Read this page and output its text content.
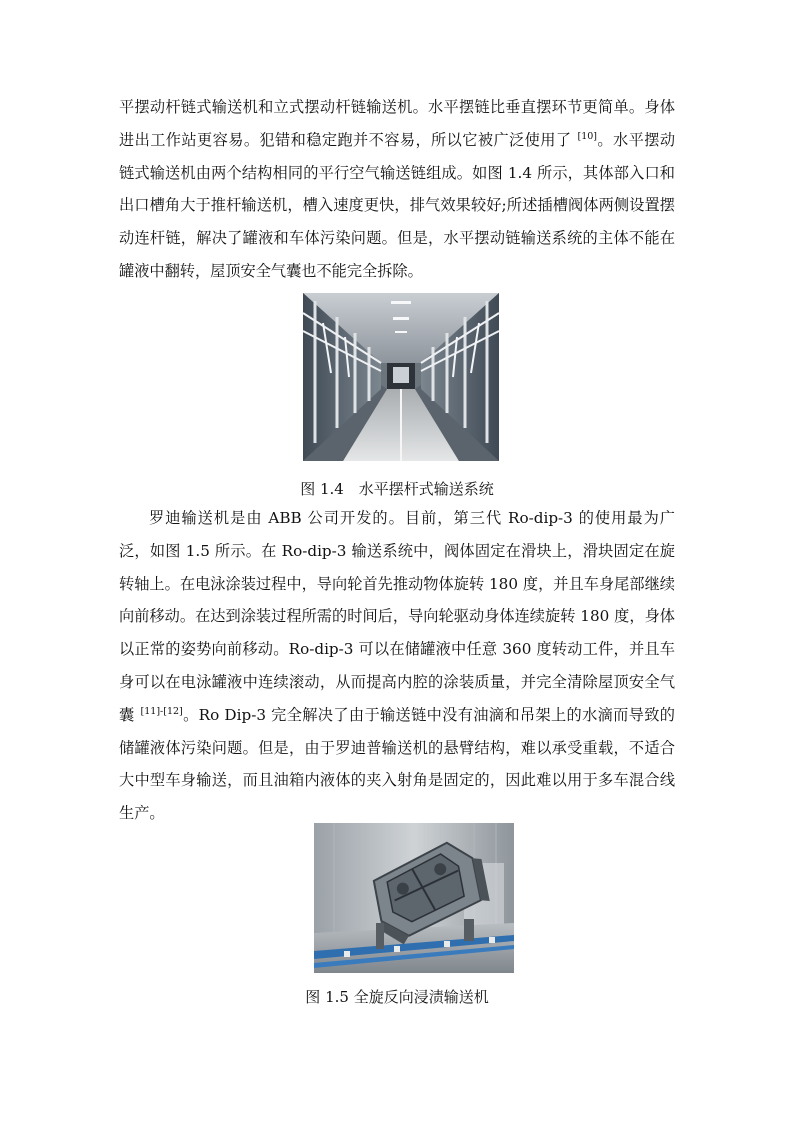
平摆动杆链式输送机和立式摆动杆链输送机。水平摆链比垂直摆环节更简单。身体进出工作站更容易。犯错和稳定跑并不容易，所以它被广泛使用了 [10]。水平摆动链式输送机由两个结构相同的平行空气输送链组成。如图 1.4 所示，其体部入口和出口槽角大于推杆输送机，槽入速度更快，排气效果较好;所述插槽阀体两侧设置摆动连杆链，解决了罐液和车体污染问题。但是，水平摆动链输送系统的主体不能在罐液中翻转，屋顶安全气囊也不能完全拆除。

图 1.4　水平摆杆式输送系统

罗迪输送机是由 ABB 公司开发的。目前，第三代 Ro-dip-3 的使用最为广泛，如图 1.5 所示。在 Ro-dip-3 输送系统中，阀体固定在滑块上，滑块固定在旋转轴上。在电泳涂装过程中，导向轮首先推动物体旋转 180 度，并且车身尾部继续向前移动。在达到涂装过程所需的时间后，导向轮驱动身体连续旋转 180 度，身体以正常的姿势向前移动。Ro-dip-3 可以在储罐液中任意 360 度转动工件，并且车身可以在电泳罐液中连续滚动，从而提高内腔的涂装质量，并完全清除屋顶安全气囊 [11]-[12]。Ro Dip-3 完全解决了由于输送链中没有油滴和吊架上的水滴而导致的储罐液体污染问题。但是，由于罗迪普输送机的悬臂结构，难以承受重载，不适合大中型车身输送，而且油箱内液体的夹入射角是固定的，因此难以用于多车混合线生产。

图 1.5 全旋反向浸渍输送机
